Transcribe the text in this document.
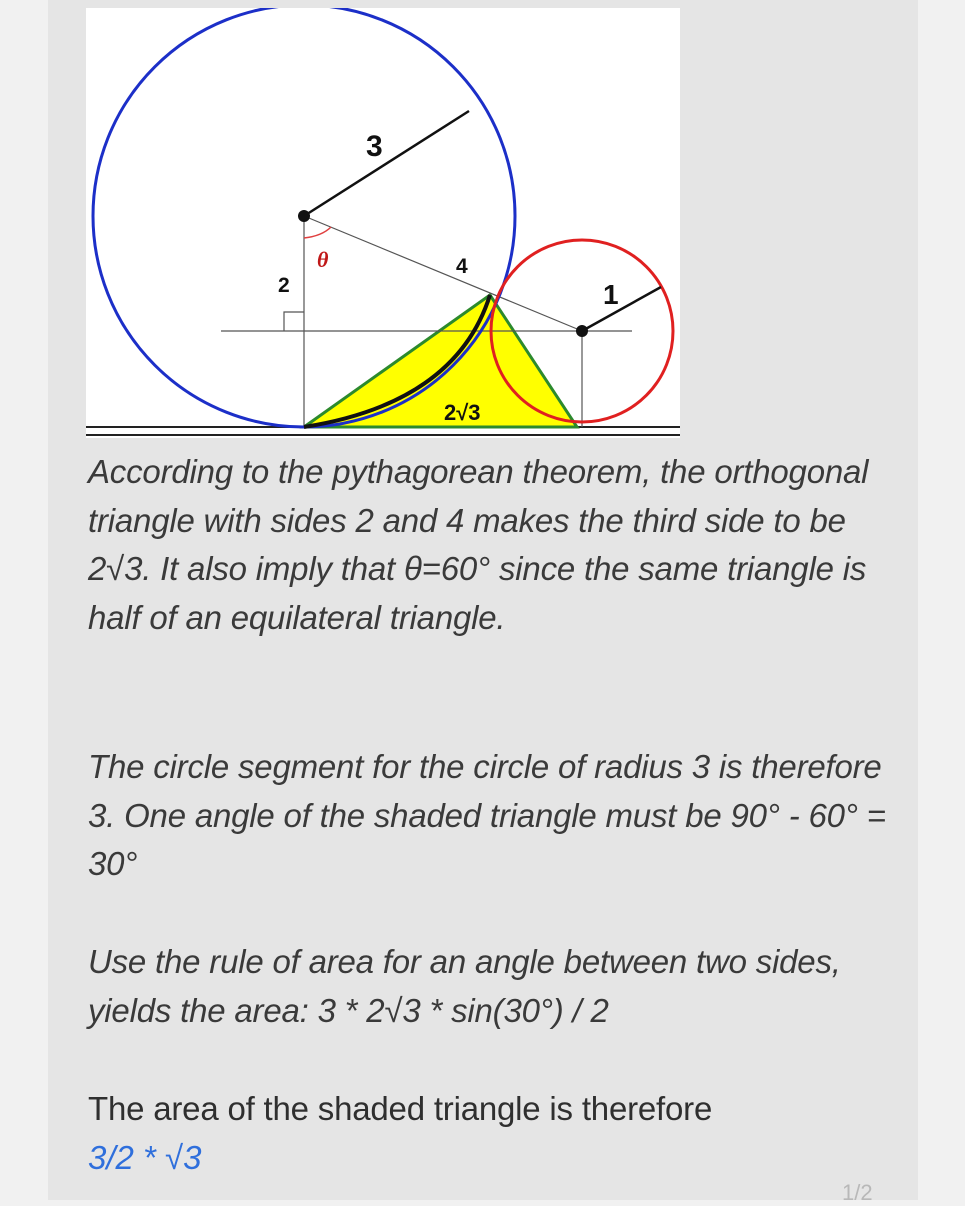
3
1
2
4
2√3
θ

According to the pythagorean theorem, the orthogonal triangle with sides 2 and 4 makes the third side to be 2√3. It also imply that θ=60° since the same triangle is half of an equilateral triangle.

The circle segment for the circle of radius 3 is therefore 3. One angle of the shaded triangle must be 90° - 60° = 30°

Use the rule of area for an angle between two sides, yields the area: 3 * 2√3 * sin(30°) / 2

The area of the shaded triangle is therefore

3/2 * √3
1/2
